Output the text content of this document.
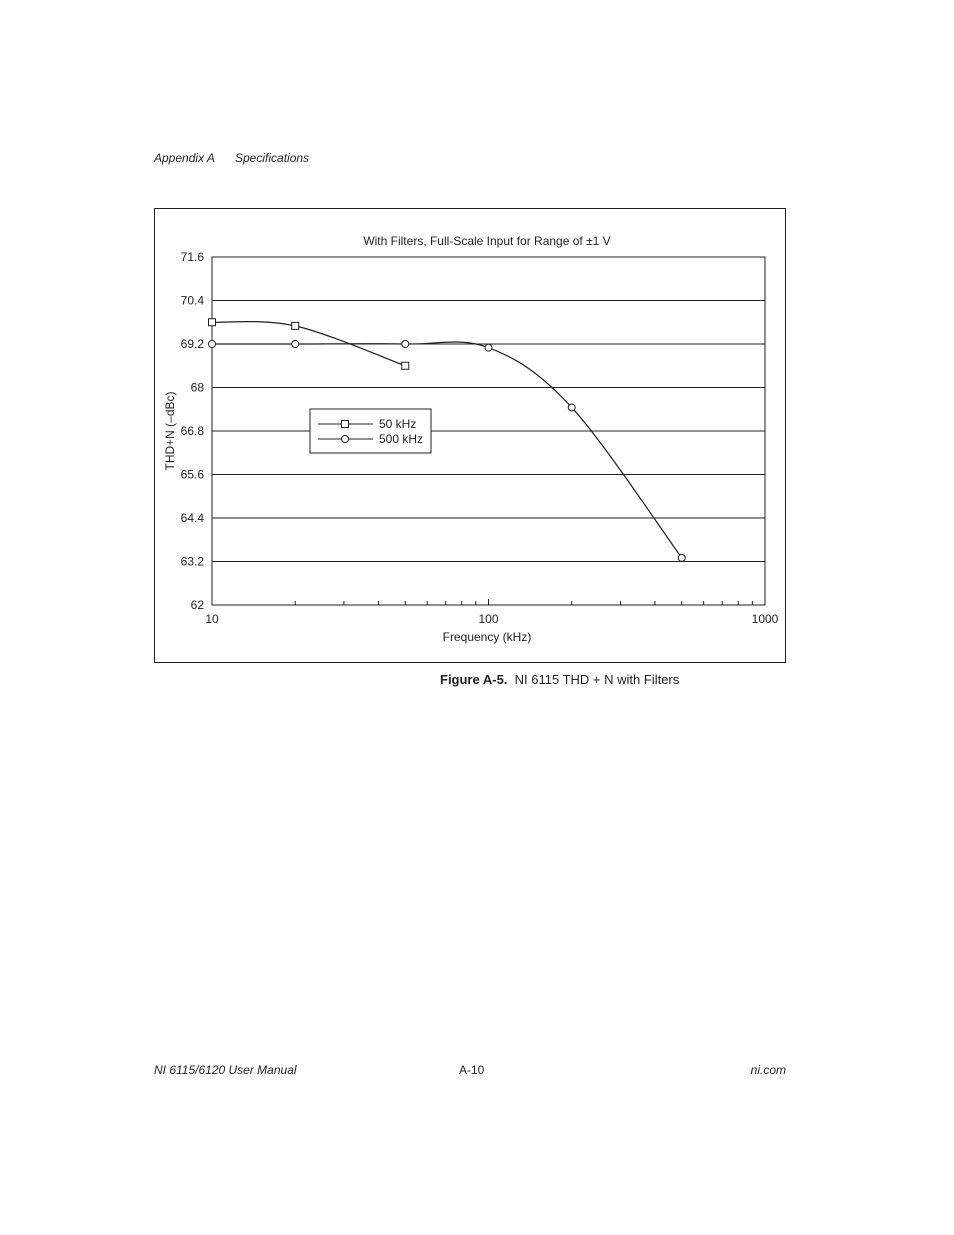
Appendix A Specifications
With Filters, Full-Scale Input for Range of ±1 V
71.6
70.4
69.2
68
66.8
65.6
64.4
63.2
62
10	100	1000
Frequency (kHz)
THD+N (–dBc)	50 kHz
500 kHz
Figure A-5. NI 6115 THD + N with Filters
NI 6115/6120 User Manual	A-10	ni.com
